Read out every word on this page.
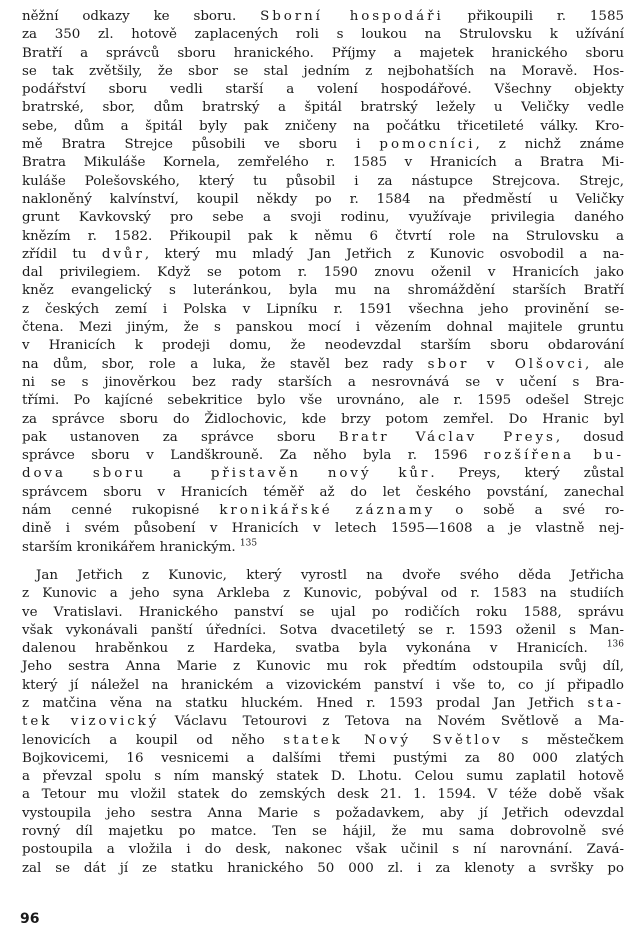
něžní odkazy ke sboru. Sborní hospodáři přikoupili r. 1585

za 350 zl. hotově zaplacených roli s loukou na Strulovsku k užívání

Bratří a správců sboru hranického. Příjmy a majetek hranického sboru

se tak zvětšily, že sbor se stal jedním z nejbohatších na Moravě. Hos-

podářství sboru vedli starší a volení hospodářové. Všechny objekty

bratrské, sbor, dům bratrský a špitál bratrský ležely u Veličky vedle

sebe, dům a špitál byly pak zničeny na počátku třicetileté války. Kro-

mě Bratra Strejce působili ve sboru i pomocníci, z nichž známe

Bratra Mikuláše Kornela, zemřelého r. 1585 v Hranicích a Bratra Mi-

kuláše Polešovského, který tu působil i za nástupce Strejcova. Strejc,

nakloněný kalvínství, koupil někdy po r. 1584 na předměstí u Veličky

grunt Kavkovský pro sebe a svoji rodinu, využívaje privilegia daného

knězím r. 1582. Přikoupil pak k němu 6 čtvrtí role na Strulovsku a

zřídil tu dvůr, který mu mladý Jan Jetřich z Kunovic osvobodil a na-

dal privilegiem. Když se potom r. 1590 znovu oženil v Hranicích jako

kněz evangelický s luteránkou, byla mu na shromáždění starších Bratří

z českých zemí i Polska v Lipníku r. 1591 všechna jeho provinění se-

čtena. Mezi jiným, že s panskou mocí i vězením dohnal majitele gruntu

v Hranicích k prodeji domu, že neodevzdal starším sboru obdarování

na dům, sbor, role a luka, že stavěl bez rady sbor v Olšovci, ale

ni se s jinověrkou bez rady starších a nesrovnává se v učení s Bra-

třími. Po kajícné sebekritice bylo vše urovnáno, ale r. 1595 odešel Strejc

za správce sboru do Židlochovic, kde brzy potom zemřel. Do Hranic byl

pak ustanoven za správce sboru Bratr Václav Preys, dosud

správce sboru v Landškrouně. Za něho byla r. 1596 rozšířena bu-

dova sboru a přistavěn nový kůr. Preys, který zůstal

správcem sboru v Hranicích téměř až do let českého povstání, zanechal

nám cenné rukopisné kronikářské záznamy o sobě a své ro-

dině i svém působení v Hranicích v letech 1595—1608 a je vlastně nej-

starším kronikářem hranickým. $^{135}$

Jan Jetřich z Kunovic, který vyrostl na dvoře svého děda Jetřicha

z Kunovic a jeho syna Arkleba z Kunovic, pobýval od r. 1583 na studiích

ve Vratislavi. Hranického panství se ujal po rodičích roku 1588, správu

však vykonávali panští úředníci. Sotva dvacetiletý se r. 1593 oženil s Man-

dalenou hraběnkou z Hardeka, svatba byla vykonána v Hranicích. $^{136}$

Jeho sestra Anna Marie z Kunovic mu rok předtím odstoupila svůj díl,

který jí náležel na hranickém a vizovickém panství i vše to, co jí připadlo

z matčina věna na statku hluckém. Hned r. 1593 prodal Jan Jetřich sta-

tek vizovický Václavu Tetourovi z Tetova na Novém Světlově a Ma-

lenovicích a koupil od něho statek Nový Světlov s městečkem

Bojkovicemi, 16 vesnicemi a dalšími třemi pustými za 80 000 zlatých

a převzal spolu s ním manský statek D. Lhotu. Celou sumu zaplatil hotově

a Tetour mu vložil statek do zemských desk 21. 1. 1594. V téže době však

vystoupila jeho sestra Anna Marie s požadavkem, aby jí Jetřich odevzdal

rovný díl majetku po matce. Ten se hájil, že mu sama dobrovolně své

postoupila a vložila i do desk, nakonec však učinil s ní narovnání. Zavá-

zal se dát jí ze statku hranického 50 000 zl. i za klenoty a svršky po

96
